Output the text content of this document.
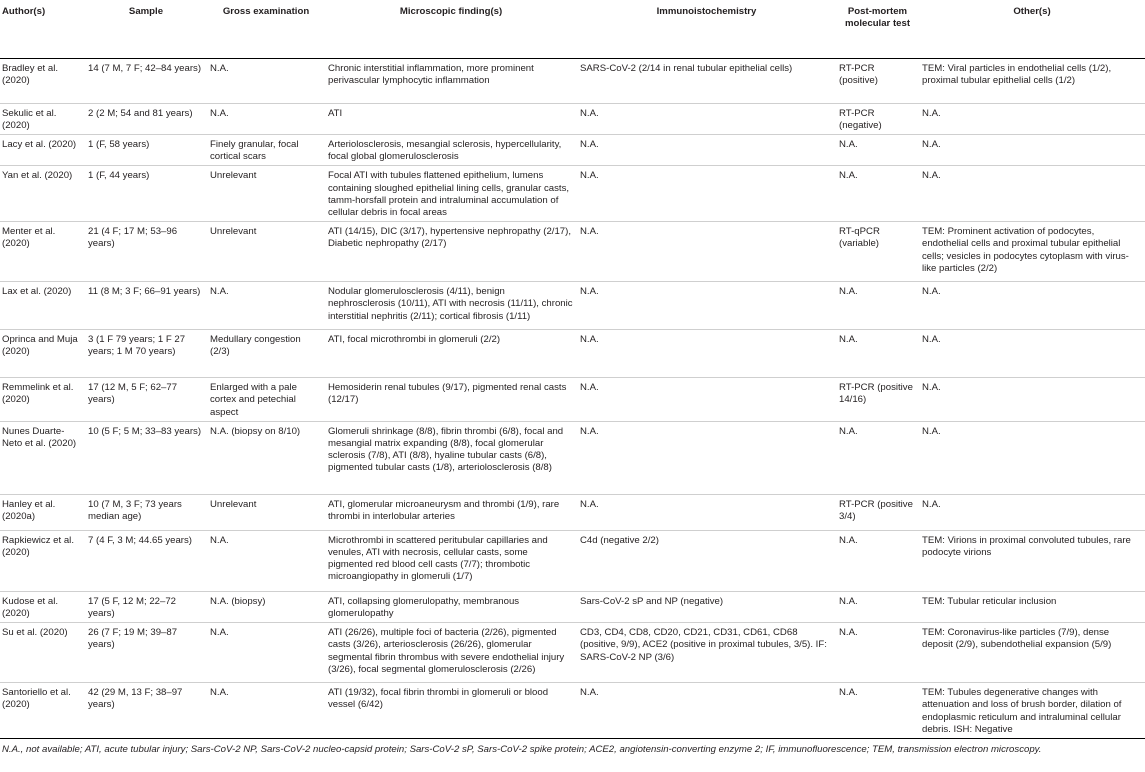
Author(s)	Sample	Gross examination	Microscopic finding(s)	Immunoistochemistry	Post-mortem molecular test	Other(s)
Bradley et al. (2020)	14 (7 M, 7 F; 42–84 years)	N.A.	Chronic interstitial inflammation, more prominent perivascular lymphocytic inflammation	SARS-CoV-2 (2/14 in renal tubular epithelial cells)	RT-PCR (positive)	TEM: Viral particles in endothelial cells (1/2), proximal tubular epithelial cells (1/2)
Sekulic et al. (2020)	2 (2 M; 54 and 81 years)	N.A.	ATI	N.A.	RT-PCR (negative)	N.A.
Lacy et al. (2020)	1 (F, 58 years)	Finely granular, focal cortical scars	Arteriolosclerosis, mesangial sclerosis, hypercellularity, focal global glomerulosclerosis	N.A.	N.A.	N.A.
Yan et al. (2020)	1 (F, 44 years)	Unrelevant	Focal ATI with tubules flattened epithelium, lumens containing sloughed epithelial lining cells, granular casts, tamm-horsfall protein and intraluminal accumulation of cellular debris in focal areas	N.A.	N.A.	N.A.
Menter et al. (2020)	21 (4 F; 17 M; 53–96 years)	Unrelevant	ATI (14/15), DIC (3/17), hypertensive nephropathy (2/17), Diabetic nephropathy (2/17)	N.A.	RT-qPCR (variable)	TEM: Prominent activation of podocytes, endothelial cells and proximal tubular epithelial cells; vesicles in podocytes cytoplasm with virus-like particles (2/2)
Lax et al. (2020)	11 (8 M; 3 F; 66–91 years)	N.A.	Nodular glomerulosclerosis (4/11), benign nephrosclerosis (10/11), ATI with necrosis (11/11), chronic interstitial nephritis (2/11); cortical fibrosis (1/11)	N.A.	N.A.	N.A.
Oprinca and Muja (2020)	3 (1 F 79 years; 1 F 27 years; 1 M 70 years)	Medullary congestion (2/3)	ATI, focal microthrombi in glomeruli (2/2)	N.A.	N.A.	N.A.
Remmelink et al. (2020)	17 (12 M, 5 F; 62–77 years)	Enlarged with a pale cortex and petechial aspect	Hemosiderin renal tubules (9/17), pigmented renal casts (12/17)	N.A.	RT-PCR (positive 14/16)	N.A.
Nunes Duarte-Neto et al. (2020)	10 (5 F; 5 M; 33–83 years)	N.A. (biopsy on 8/10)	Glomeruli shrinkage (8/8), fibrin thrombi (6/8), focal and mesangial matrix expanding (8/8), focal glomerular sclerosis (7/8), ATI (8/8), hyaline tubular casts (6/8), pigmented tubular casts (1/8), arteriolosclerosis (8/8)	N.A.	N.A.	N.A.
Hanley et al. (2020a)	10 (7 M, 3 F; 73 years median age)	Unrelevant	ATI, glomerular microaneurysm and thrombi (1/9), rare thrombi in interlobular arteries	N.A.	RT-PCR (positive 3/4)	N.A.
Rapkiewicz et al. (2020)	7 (4 F, 3 M; 44.65 years)	N.A.	Microthrombi in scattered peritubular capillaries and venules, ATI with necrosis, cellular casts, some pigmented red blood cell casts (7/7); thrombotic microangiopathy in glomeruli (1/7)	C4d (negative 2/2)	N.A.	TEM: Virions in proximal convoluted tubules, rare podocyte virions
Kudose et al. (2020)	17 (5 F, 12 M; 22–72 years)	N.A. (biopsy)	ATI, collapsing glomerulopathy, membranous glomerulopathy	Sars-CoV-2 sP and NP (negative)	N.A.	TEM: Tubular reticular inclusion
Su et al. (2020)	26 (7 F; 19 M; 39–87 years)	N.A.	ATI (26/26), multiple foci of bacteria (2/26), pigmented casts (3/26), arteriosclerosis (26/26), glomerular segmental fibrin thrombus with severe endothelial injury (3/26), focal segmental glomerulosclerosis (2/26)	CD3, CD4, CD8, CD20, CD21, CD31, CD61, CD68 (positive, 9/9), ACE2 (positive in proximal tubules, 3/5). IF: SARS-CoV-2 NP (3/6)	N.A.	TEM: Coronavirus-like particles (7/9), dense deposit (2/9), subendothelial expansion (5/9)
Santoriello et al. (2020)	42 (29 M, 13 F; 38–97 years)	N.A.	ATI (19/32), focal fibrin thrombi in glomeruli or blood vessel (6/42)	N.A.	N.A.	TEM: Tubules degenerative changes with attenuation and loss of brush border, dilation of endoplasmic reticulum and intraluminal cellular debris. ISH: Negative

N.A., not available; ATI, acute tubular injury; Sars-CoV-2 NP, Sars-CoV-2 nucleo-capsid protein; Sars-CoV-2 sP, Sars-CoV-2 spike protein; ACE2, angiotensin-converting enzyme 2; IF, immunofluorescence; TEM, transmission electron microscopy.
